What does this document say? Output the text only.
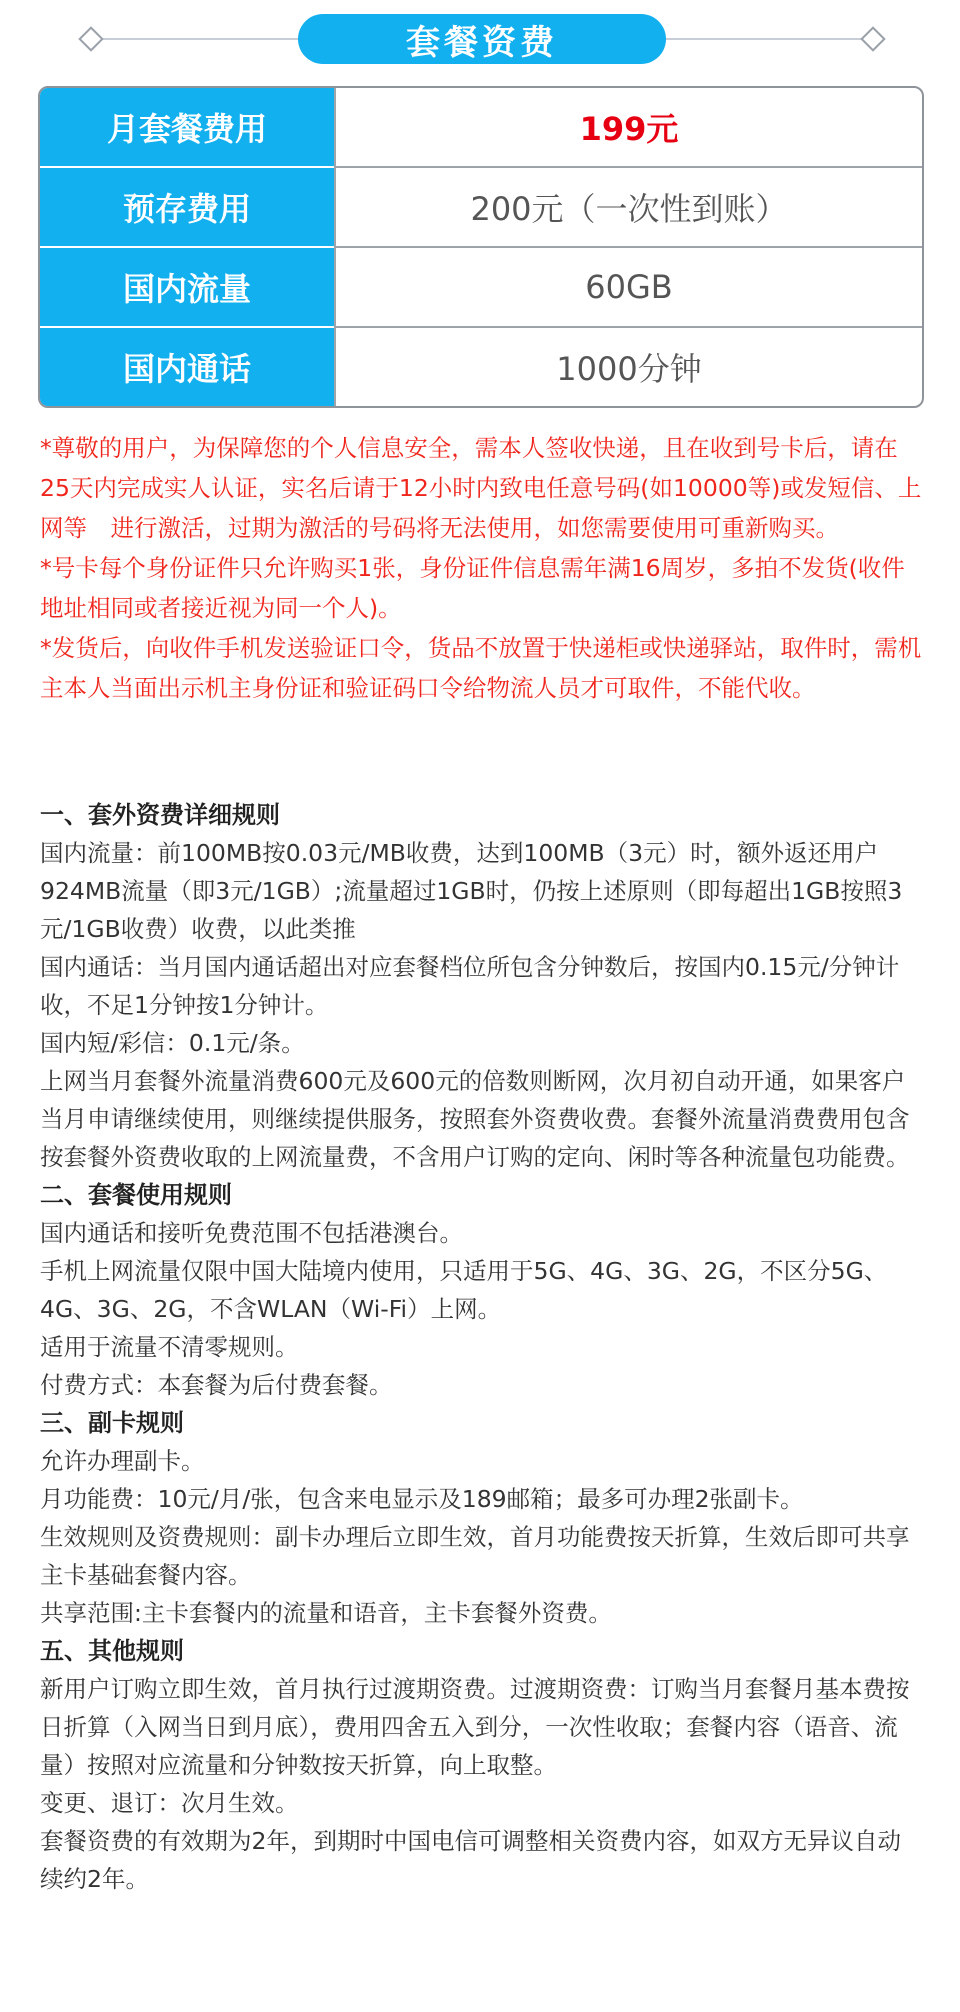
套餐资费
月套餐费用	199元
预存费用	200元（一次性到账）
国内流量	60GB
国内通话	1000分钟

*尊敬的用户，为保障您的个人信息安全，需本人签收快递，且在收到号卡后，请在25天内完成实人认证，实名后请于12小时内致电任意号码(如10000等)或发短信、上网等　进行激活，过期为激活的号码将无法使用，如您需要使用可重新购买。

*号卡每个身份证件只允许购买1张，身份证件信息需年满16周岁，多拍不发货(收件地址相同或者接近视为同一个人)。

*发货后，向收件手机发送验证口令，货品不放置于快递柜或快递驿站，取件时，需机主本人当面出示机主身份证和验证码口令给物流人员才可取件，不能代收。

一、套外资费详细规则

国内流量：前100MB按0.03元/MB收费，达到100MB（3元）时，额外返还用户924MB流量（即3元/1GB）;流量超过1GB时，仍按上述原则（即每超出1GB按照3元/1GB收费）收费，以此类推

国内通话：当月国内通话超出对应套餐档位所包含分钟数后，按国内0.15元/分钟计收，不足1分钟按1分钟计。

国内短/彩信：0.1元/条。

上网当月套餐外流量消费600元及600元的倍数则断网，次月初自动开通，如果客户当月申请继续使用，则继续提供服务，按照套外资费收费。套餐外流量消费费用包含按套餐外资费收取的上网流量费，不含用户订购的定向、闲时等各种流量包功能费。

二、套餐使用规则

国内通话和接听免费范围不包括港澳台。

手机上网流量仅限中国大陆境内使用，只适用于5G、4G、3G、2G，不区分5G、4G、3G、2G，不含WLAN（Wi-Fi）上网。

适用于流量不清零规则。

付费方式：本套餐为后付费套餐。

三、副卡规则

允许办理副卡。

月功能费：10元/月/张，包含来电显示及189邮箱；最多可办理2张副卡。

生效规则及资费规则：副卡办理后立即生效，首月功能费按天折算，生效后即可共享主卡基础套餐内容。

共享范围:主卡套餐内的流量和语音，主卡套餐外资费。

五、其他规则

新用户订购立即生效，首月执行过渡期资费。过渡期资费：订购当月套餐月基本费按日折算（入网当日到月底），费用四舍五入到分，一次性收取；套餐内容（语音、流量）按照对应流量和分钟数按天折算，向上取整。

变更、退订：次月生效。

套餐资费的有效期为2年，到期时中国电信可调整相关资费内容，如双方无异议自动续约2年。
